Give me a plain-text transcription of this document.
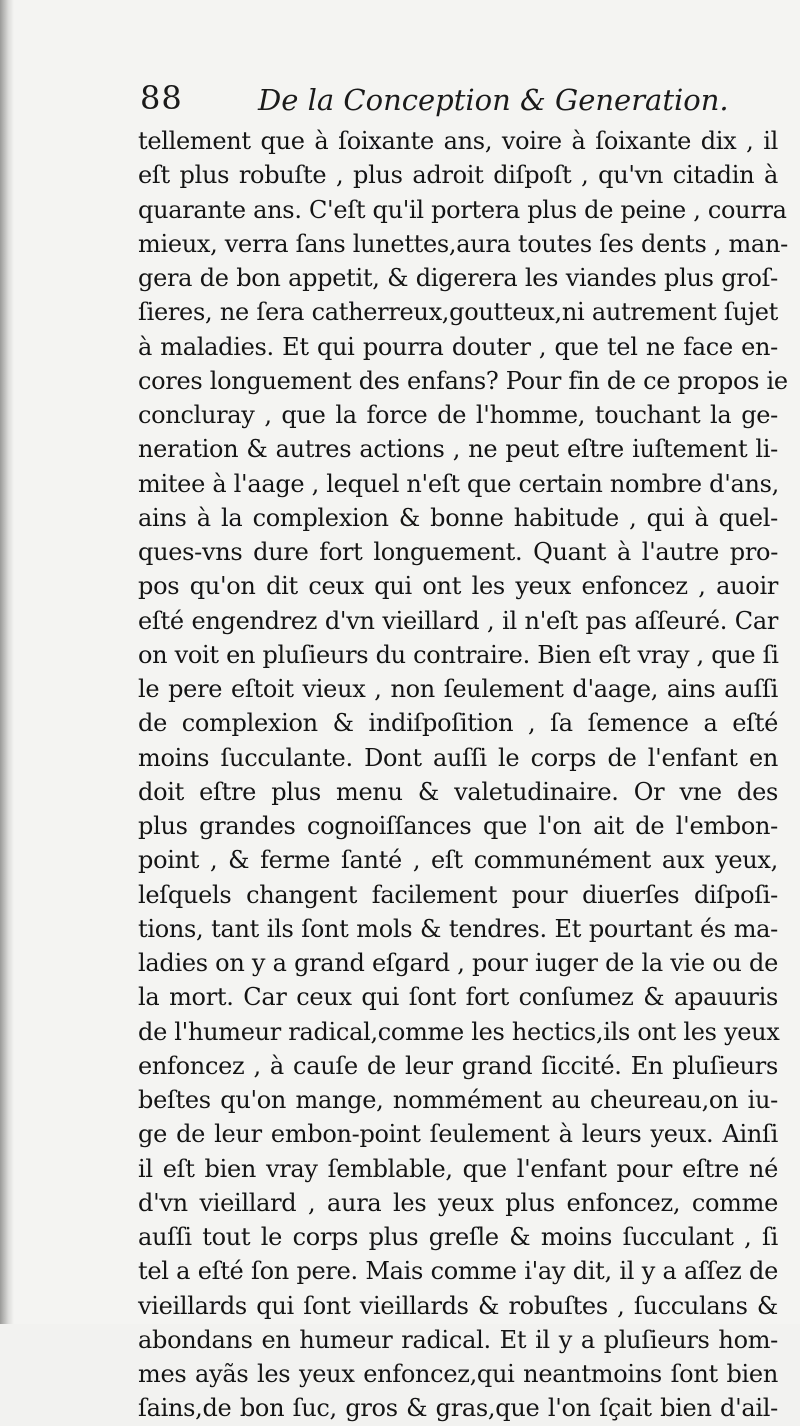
88	De la Conception & Generation.
tellement que à ſoixante ans, voire à ſoixante dix , il
eſt plus robuſte , plus adroit diſpoſt , qu'vn citadin à
quarante ans. C'eſt qu'il portera plus de peine , courra
mieux, verra ſans lunettes,aura toutes ſes dents , man-
gera de bon appetit, & digerera les viandes plus groſ-
ſieres, ne ſera catherreux,goutteux,ni autrement ſujet
à maladies. Et qui pourra douter , que tel ne face en-
cores longuement des enfans? Pour fin de ce propos ie
concluray , que la force de l'homme, touchant la ge-
neration & autres actions , ne peut eſtre iuſtement li-
mitee à l'aage , lequel n'eſt que certain nombre d'ans,
ains à la complexion & bonne habitude , qui à quel-
ques-vns dure fort longuement. Quant à l'autre pro-
pos qu'on dit ceux qui ont les yeux enfoncez , auoir
eſté engendrez d'vn vieillard , il n'eſt pas aſſeuré. Car
on voit en pluſieurs du contraire. Bien eſt vray , que ſi
le pere eſtoit vieux , non ſeulement d'aage, ains auſſi
de complexion & indiſpoſition , ſa ſemence a eſté
moins ſucculante. Dont auſſi le corps de l'enfant en
doit eſtre plus menu & valetudinaire. Or vne des
plus grandes cognoiſſances que l'on ait de l'embon-
point , & ferme ſanté , eſt communément aux yeux,
leſquels changent facilement pour diuerſes diſpoſi-
tions, tant ils ſont mols & tendres. Et pourtant és ma-
ladies on y a grand eſgard , pour iuger de la vie ou de
la mort. Car ceux qui ſont fort conſumez & apauuris
de l'humeur radical,comme les hectics,ils ont les yeux
enfoncez , à cauſe de leur grand ſiccité. En pluſieurs
beſtes qu'on mange, nommément au cheureau,on iu-
ge de leur embon-point ſeulement à leurs yeux. Ainſi
il eſt bien vray ſemblable, que l'enfant pour eſtre né
d'vn vieillard , aura les yeux plus enfoncez, comme
auſſi tout le corps plus greſle & moins ſucculant , ſi
tel a eſté ſon pere. Mais comme i'ay dit, il y a aſſez de
vieillards qui ſont vieillards & robuſtes , ſucculans &
abondans en humeur radical. Et il y a pluſieurs hom-
mes ayãs les yeux enfoncez,qui neantmoins ſont bien
ſains,de bon ſuc, gros & gras,que l'on ſçait bien d'ail-
